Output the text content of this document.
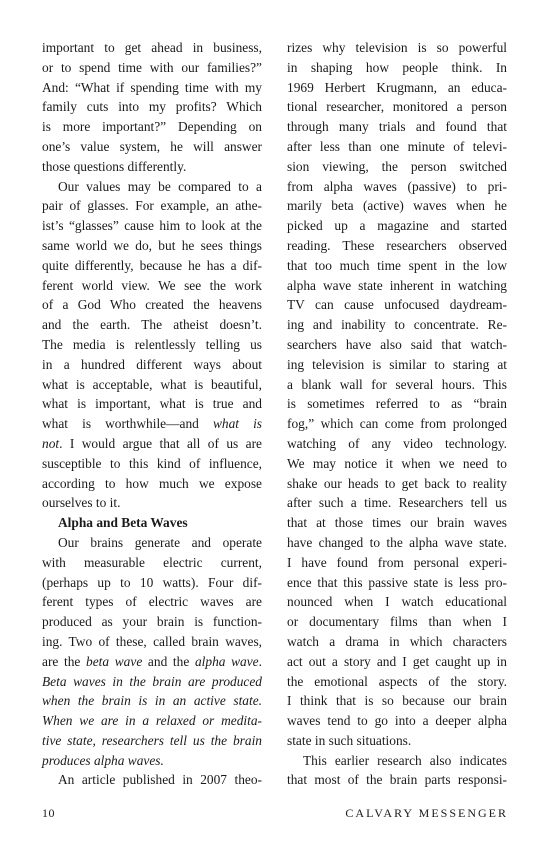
important to get ahead in business,
or to spend time with our families?”
And: “What if spending time with my
family cuts into my profits? Which
is more important?” Depending on
one’s value system, he will answer
those questions differently.
Our values may be compared to a
pair of glasses. For example, an athe-
ist’s “glasses” cause him to look at the
same world we do, but he sees things
quite differently, because he has a dif-
ferent world view. We see the work
of a God Who created the heavens
and the earth. The atheist doesn’t.
The media is relentlessly telling us
in a hundred different ways about
what is acceptable, what is beautiful,
what is important, what is true and
what is worthwhile—and what is
not. I would argue that all of us are
susceptible to this kind of influence,
according to how much we expose
ourselves to it.
Alpha and Beta Waves
Our brains generate and operate
with measurable electric current,
(perhaps up to 10 watts). Four dif-
ferent types of electric waves are
produced as your brain is function-
ing. Two of these, called brain waves,
are the beta wave and the alpha wave.
Beta waves in the brain are produced
when the brain is in an active state.
When we are in a relaxed or medita-
tive state, researchers tell us the brain
produces alpha waves.
An article published in 2007 theo-
rizes why television is so powerful
in shaping how people think. In
1969 Herbert Krugmann, an educa-
tional researcher, monitored a person
through many trials and found that
after less than one minute of televi-
sion viewing, the person switched
from alpha waves (passive) to pri-
marily beta (active) waves when he
picked up a magazine and started
reading. These researchers observed
that too much time spent in the low
alpha wave state inherent in watching
TV can cause unfocused daydream-
ing and inability to concentrate. Re-
searchers have also said that watch-
ing television is similar to staring at
a blank wall for several hours. This
is sometimes referred to as “brain
fog,” which can come from prolonged
watching of any video technology.
We may notice it when we need to
shake our heads to get back to reality
after such a time. Researchers tell us
that at those times our brain waves
have changed to the alpha wave state.
I have found from personal experi-
ence that this passive state is less pro-
nounced when I watch educational
or documentary films than when I
watch a drama in which characters
act out a story and I get caught up in
the emotional aspects of the story.
I think that is so because our brain
waves tend to go into a deeper alpha
state in such situations.
This earlier research also indicates
that most of the brain parts responsi-
10	CALVARY MESSENGER
